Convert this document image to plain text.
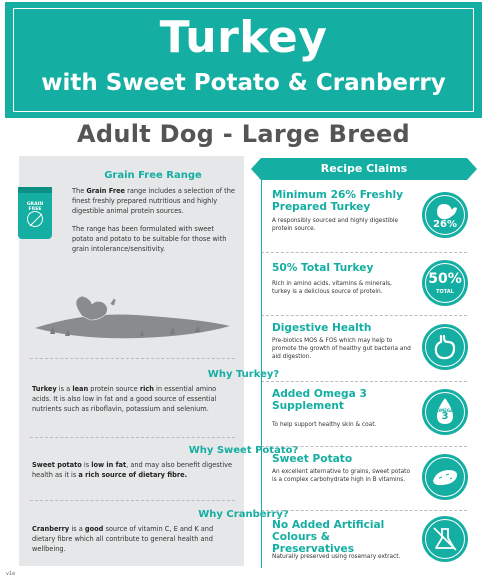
Turkey
with Sweet Potato & Cranberry
Adult Dog - Large Breed
Grain Free Range
GRAIN FREE
The Grain Free range includes a selection of the finest freshly prepared nutritious and highly digestible animal protein sources.
The range has been formulated with sweet potato and potato to be suitable for those with grain intolerance/sensitivity.
Why Turkey?
Turkey is a lean protein source rich in essential amino acids. It is also low in fat and a good source of essential nutrients such as riboflavin, potassium and selenium.
Why Sweet Potato?
Sweet potato is low in fat, and may also benefit digestive health as it is a rich source of dietary fibre.
Why Cranberry?
Cranberry is a good source of vitamin C, E and K and dietary fibre which all contribute to general health and wellbeing.
Recipe Claims
Minimum 26% Freshly Prepared Turkey
A responsibly sourced and highly digestible protein source.	26%
50% Total Turkey
Rich in amino acids, vitamins & minerals, turkey is a delicious source of protein.
50%
TOTAL
Digestive Health
Pre-biotics MOS & FOS which may help to promote the growth of healthy gut bacteria and aid digestion.
Added Omega 3 Supplement
To help support healthy skin & coat.
OMEGA
3
Sweet Potato
An excellent alternative to grains, sweet potato is a complex carbohydrate high in B vitamins.
No Added Artificial Colours & Preservatives
Naturally preserved using rosemary extract.
v1e
